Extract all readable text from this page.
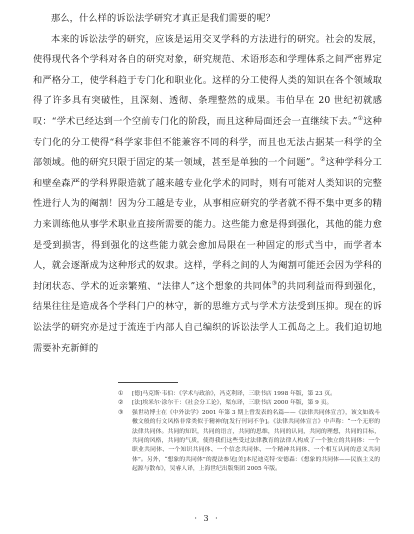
那么，什么样的诉讼法学研究才真正是我们需要的呢？

本来的诉讼法学的研究，应该是运用交叉学科的方法进行的研究。社会的发展，使得现代各个学科对各自的研究对象，研究规范、术语形态和学理体系之间严密界定和严格分工，使学科趋于专门化和职业化。这样的分工使得人类的知识在各个领域取得了许多具有突破性，且深刻、透彻、条理整然的成果。韦伯早在 20 世纪初就感叹：“学术已经达到一个空前专门化的阶段，而且这种局面还会一直继续下去。”①这种专门化的分工使得“科学家非但不能兼容不同的科学，而且也无法占据某一科学的全部领域。他的研究只限于固定的某一领域，甚至是单独的一个问题”。②这种学科分工和壁垒森严的学科界限造就了越来越专业化学术的同时，则有可能对人类知识的完整性进行人为的阉割！因为分工越是专业，从事相应研究的学者就不得不集中更多的精力来训练他从事学术职业直接所需要的能力。这些能力愈是得到强化，其他的能力愈是受到损害，得到强化的这些能力就会愈加局限在一种固定的形式当中，而学者本人，就会逐渐成为这种形式的奴隶。这样，学科之间的人为阉割可能还会因为学科的封闭状态、学术的近亲繁殖、“法律人”这个想象的共同体③的共同利益而得到强化，结果往往是造成各个学科门户的林守，新的思维方式与学术方法受到压抑。现在的诉讼法学的研究亦是过于流连于内部人自己编织的诉讼法学人工孤岛之上。我们迫切地需要补充新鲜的

① [德]马克斯·韦伯：《学术与政治》，冯克利译，三联书店 1998 年版，第 23 页。

② [法]埃米尔·涂尔干：《社会分工论》，渠东译，三联书店 2000 年版，第 9 页。

③ 强世功博士在《中外法学》2001 年第 3 期上曾发表的名篇——《法律共同体宣言》，该文如战斗檄文般的行文风格非常类似于精神的[发行刊词不争]。《法律共同体宣言》中声称：“一个无形的法律共同体。共同的知识，共同的语言，共同的思维，共同的认同，共同的理想，共同的目标，共同的风格，共同的气质，使得我们这些受过法律教育的法律人构成了一个独立的共同体：一个职业共同体、一个知识共同体、一个信念共同体、一个精神共同体、一个相互认同的意义共同体”。另外，“想象的共同体”的提法参见[美]本尼迪克特·安德森：《想象的共同体——民族主义的起源与散布》，吴睿人译，上海世纪出版集团 2005 年版。

· 3 ·
